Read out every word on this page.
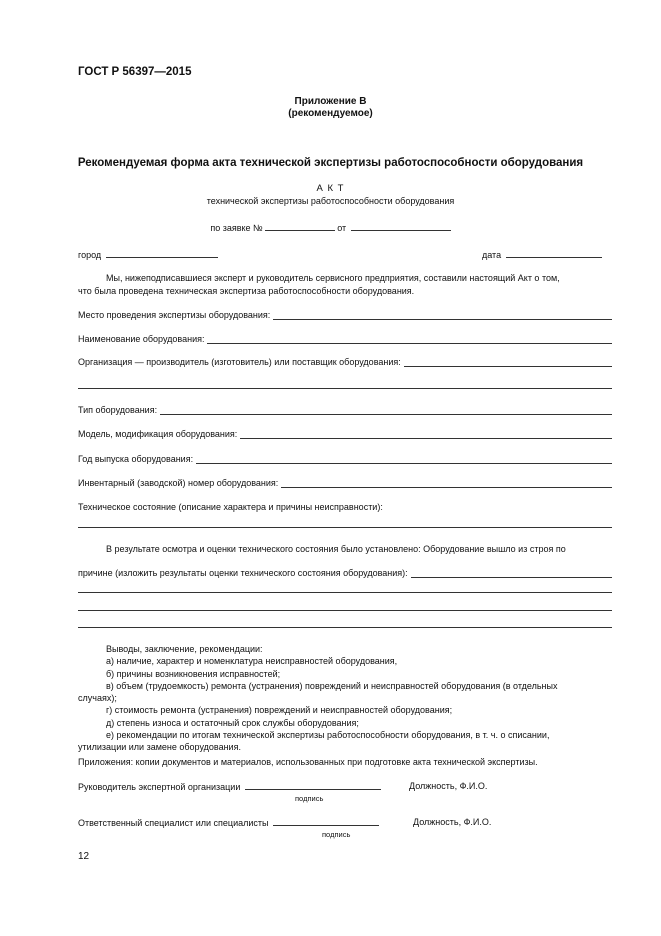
ГОСТ Р 56397—2015
Приложение В
(рекомендуемое)
Рекомендуемая форма акта технической экспертизы работоспособности оборудования
А К Т
технической экспертизы работоспособности оборудования
по заявке №	от
город	дата
Мы, нижеподписавшиеся эксперт и руководитель сервисного предприятия, составили настоящий Акт о том,
что была проведена техническая экспертиза работоспособности оборудования.
Место проведения экспертизы оборудования:
Наименование оборудования:
Организация — производитель (изготовитель) или поставщик оборудования:
Тип оборудования:
Модель, модификация оборудования:
Год выпуска оборудования:
Инвентарный (заводской) номер оборудования:
Техническое состояние (описание характера и причины неисправности):
В результате осмотра и оценки технического состояния было установлено: Оборудование вышло из строя по
причине (изложить результаты оценки технического состояния оборудования):
Выводы, заключение, рекомендации:
а) наличие, характер и номенклатура неисправностей оборудования,
б) причины возникновения исправностей;
в) объем (трудоемкость) ремонта (устранения) повреждений и неисправностей оборудования (в отдельных
случаях);
г) стоимость ремонта (устранения) повреждений и неисправностей оборудования;
д) степень износа и остаточный срок службы оборудования;
е) рекомендации по итогам технической экспертизы работоспособности оборудования, в т. ч. о списании,
утилизации или замене оборудования.
Приложения: копии документов и материалов, использованных при подготовке акта технической экспертизы.
Руководитель экспертной организации	Должность, Ф.И.О.
подпись
Ответственный специалист или специалисты	Должность, Ф.И.О.
подпись
12
